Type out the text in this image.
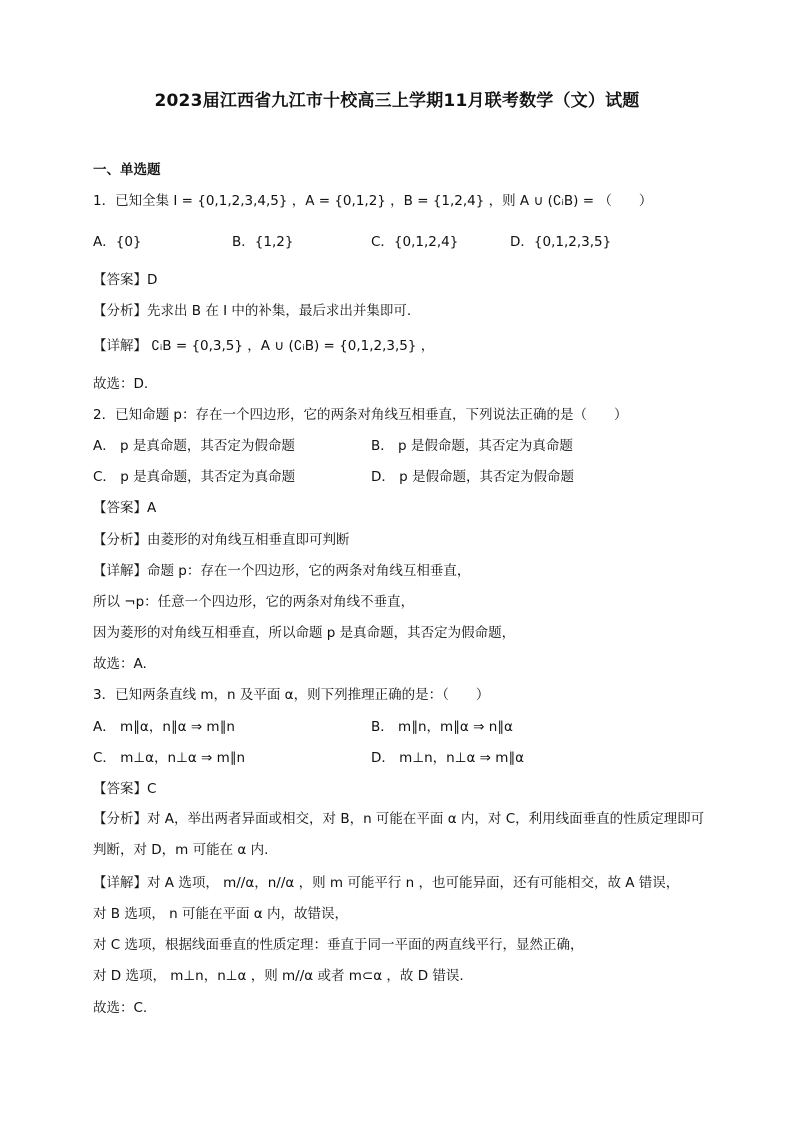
2023届江西省九江市十校高三上学期11月联考数学（文）试题
一、单选题
1．已知全集 I = {0,1,2,3,4,5} ，A = {0,1,2} ，B = {1,2,4} ，则 A ∪ (∁ᵢB) = （　　）
A．{0}	B．{1,2}	C．{0,1,2,4}	D．{0,1,2,3,5}
【答案】D
【分析】先求出 B 在 I 中的补集，最后求出并集即可.
【详解】 ∁ᵢB = {0,3,5} ，A ∪ (∁ᵢB) = {0,1,2,3,5} ，
故选：D.
2．已知命题 p：存在一个四边形，它的两条对角线互相垂直，下列说法正确的是（　　）
A． p 是真命题，其否定为假命题	B． p 是假命题，其否定为真命题
C． p 是真命题，其否定为真命题	D． p 是假命题，其否定为假命题
【答案】A
【分析】由菱形的对角线互相垂直即可判断
【详解】命题 p：存在一个四边形，它的两条对角线互相垂直，
所以 ¬p：任意一个四边形，它的两条对角线不垂直，
因为菱形的对角线互相垂直，所以命题 p 是真命题，其否定为假命题，
故选：A.
3．已知两条直线 m，n 及平面 α，则下列推理正确的是：（　　）
A． m∥α，n∥α ⇒ m∥n	B． m∥n，m∥α ⇒ n∥α
C． m⊥α，n⊥α ⇒ m∥n	D． m⊥n，n⊥α ⇒ m∥α
【答案】C
【分析】对 A，举出两者异面或相交，对 B，n 可能在平面 α 内，对 C，利用线面垂直的性质定理即可判断，对 D，m 可能在 α 内.
【详解】对 A 选项， m//α，n//α ，则 m 可能平行 n ，也可能异面，还有可能相交，故 A 错误，
对 B 选项， n 可能在平面 α 内，故错误，
对 C 选项，根据线面垂直的性质定理：垂直于同一平面的两直线平行，显然正确，
对 D 选项， m⊥n，n⊥α ，则 m//α 或者 m⊂α ，故 D 错误.
故选：C.
